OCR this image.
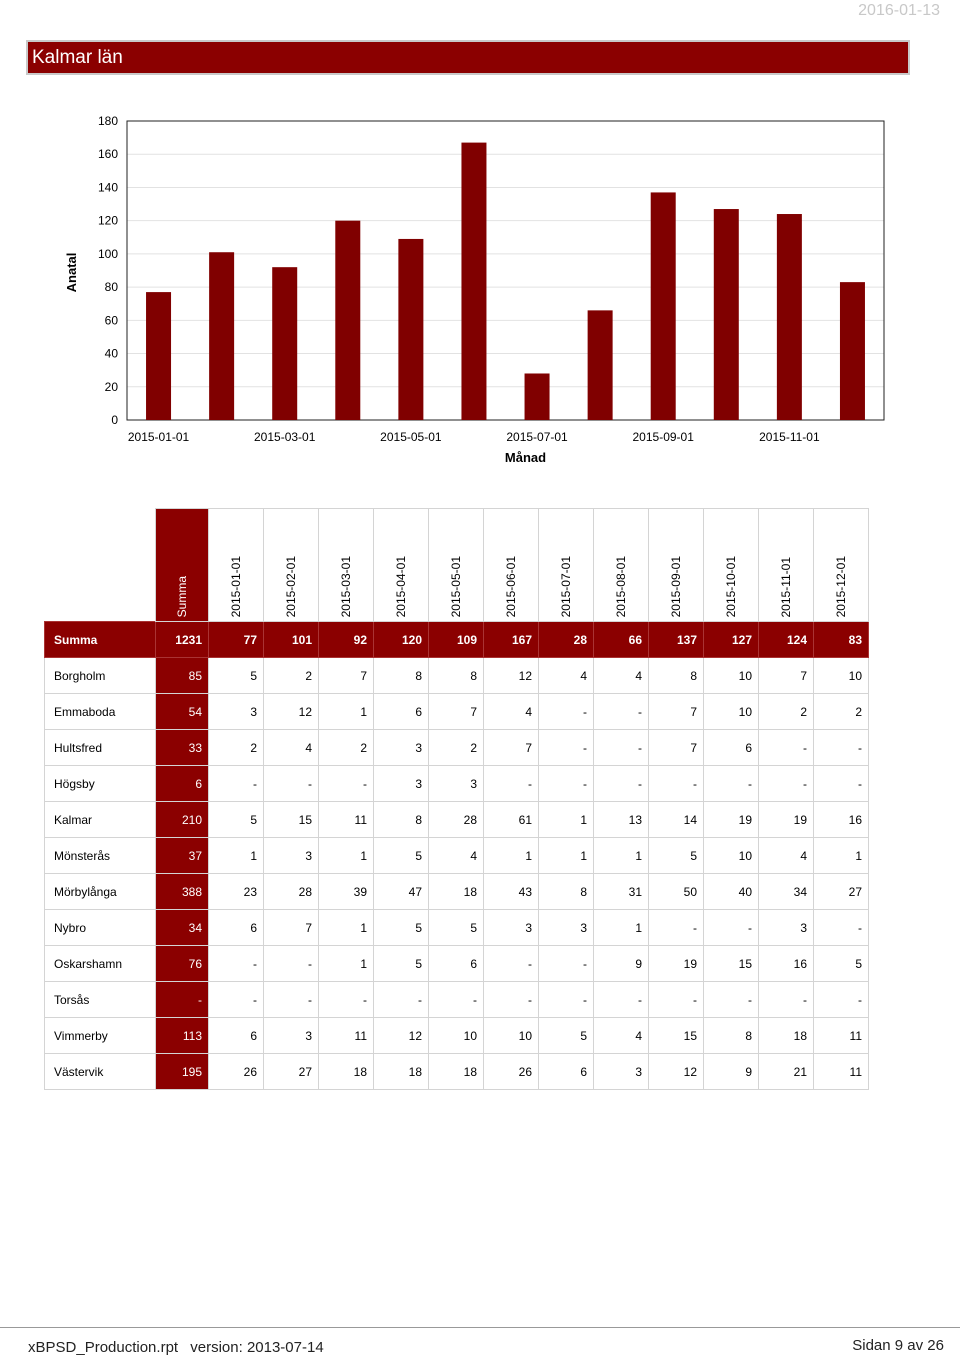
2016-01-13
Kalmar län
0
20
40
60
80
100
120
140
160
180
2015-01-01	2015-03-01	2015-05-01	2015-07-01	2015-09-01	2015-11-01
Månad
Anatal

	Summa	2015-01-01	2015-02-01	2015-03-01	2015-04-01	2015-05-01	2015-06-01	2015-07-01	2015-08-01	2015-09-01	2015-10-01	2015-11-01	2015-12-01

Summa	1231	77	101	92	120	109	167	28	66	137	127	124	83
Borgholm	85	5	2	7	8	8	12	4	4	8	10	7	10
Emmaboda	54	3	12	1	6	7	4	-	-	7	10	2	2
Hultsfred	33	2	4	2	3	2	7	-	-	7	6	-	-
Högsby	6	-	-	-	3	3	-	-	-	-	-	-	-
Kalmar	210	5	15	11	8	28	61	1	13	14	19	19	16
Mönsterås	37	1	3	1	5	4	1	1	1	5	10	4	1
Mörbylånga	388	23	28	39	47	18	43	8	31	50	40	34	27
Nybro	34	6	7	1	5	5	3	3	1	-	-	3	-
Oskarshamn	76	-	-	1	5	6	-	-	9	19	15	16	5
Torsås	-	-	-	-	-	-	-	-	-	-	-	-	-
Vimmerby	113	6	3	11	12	10	10	5	4	15	8	18	11
Västervik	195	26	27	18	18	18	26	6	3	12	9	21	11
xBPSD_Production.rpt version: 2013-07-14	Sidan 9 av 26
